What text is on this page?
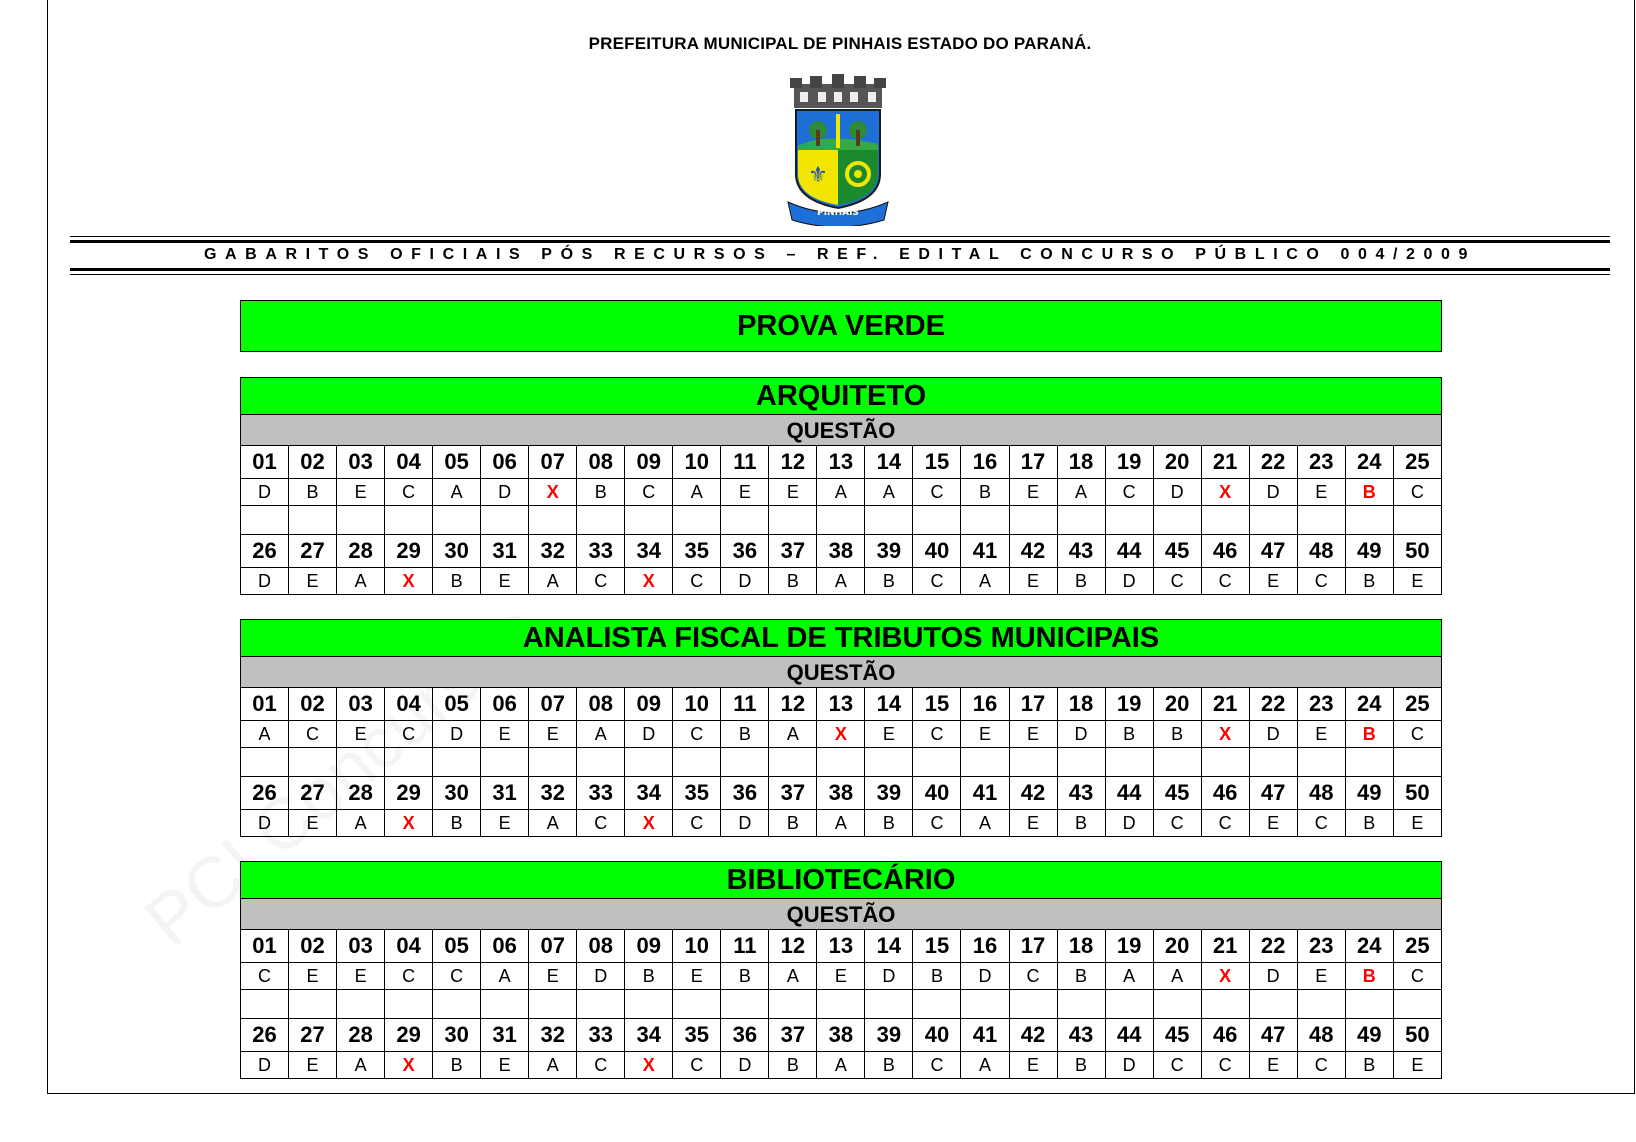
PREFEITURA MUNICIPAL DE PINHAIS ESTADO DO PARANÁ.
⚜
PINHAIS
GABARITOS OFICIAIS PÓS RECURSOS – REF. EDITAL CONCURSO PÚBLICO 004/2009
PROVA VERDE
ARQUITETO
QUESTÃO
01	02	03	04	05	06	07	08	09	10	11	12	13	14	15	16	17	18	19	20	21	22	23	24	25
D	B	E	C	A	D	X	B	C	A	E	E	A	A	C	B	E	A	C	D	X	D	E	B	C

26	27	28	29	30	31	32	33	34	35	36	37	38	39	40	41	42	43	44	45	46	47	48	49	50
D	E	A	X	B	E	A	C	X	C	D	B	A	B	C	A	E	B	D	C	C	E	C	B	E
ANALISTA FISCAL DE TRIBUTOS MUNICIPAIS
QUESTÃO
01	02	03	04	05	06	07	08	09	10	11	12	13	14	15	16	17	18	19	20	21	22	23	24	25
A	C	E	C	D	E	E	A	D	C	B	A	X	E	C	E	E	D	B	B	X	D	E	B	C

26	27	28	29	30	31	32	33	34	35	36	37	38	39	40	41	42	43	44	45	46	47	48	49	50
D	E	A	X	B	E	A	C	X	C	D	B	A	B	C	A	E	B	D	C	C	E	C	B	E
BIBLIOTECÁRIO
QUESTÃO
01	02	03	04	05	06	07	08	09	10	11	12	13	14	15	16	17	18	19	20	21	22	23	24	25
C	E	E	C	C	A	E	D	B	E	B	A	E	D	B	D	C	B	A	A	X	D	E	B	C

26	27	28	29	30	31	32	33	34	35	36	37	38	39	40	41	42	43	44	45	46	47	48	49	50
D	E	A	X	B	E	A	C	X	C	D	B	A	B	C	A	E	B	D	C	C	E	C	B	E
